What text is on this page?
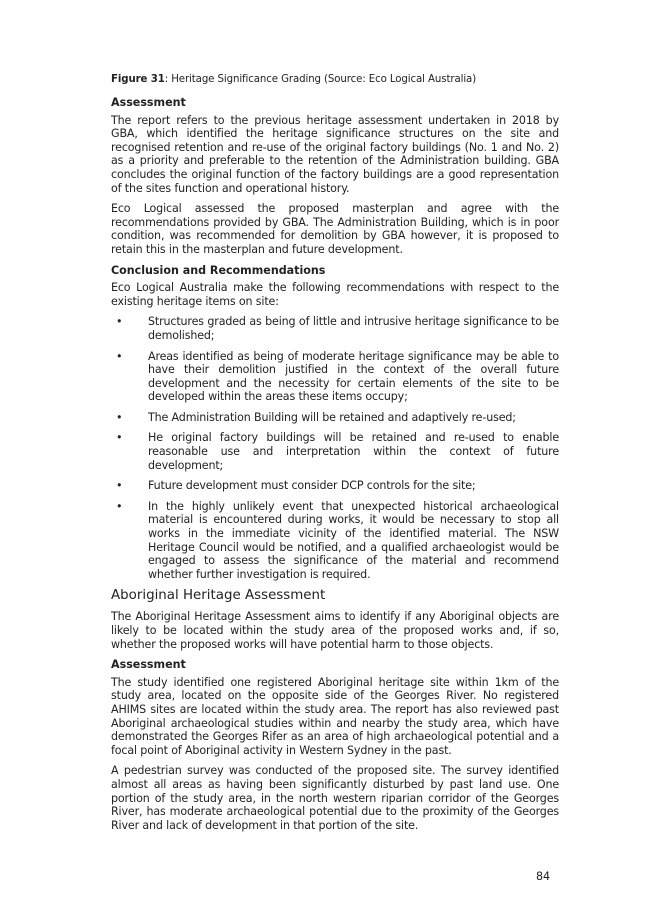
Figure 31: Heritage Significance Grading (Source: Eco Logical Australia)

Assessment

The report refers to the previous heritage assessment undertaken in 2018 by GBA, which identified the heritage significance structures on the site and recognised retention and re-use of the original factory buildings (No. 1 and No. 2) as a priority and preferable to the retention of the Administration building. GBA concludes the original function of the factory buildings are a good representation of the sites function and operational history.

Eco Logical assessed the proposed masterplan and agree with the recommendations provided by GBA. The Administration Building, which is in poor condition, was recommended for demolition by GBA however, it is proposed to retain this in the masterplan and future development.

Conclusion and Recommendations

Eco Logical Australia make the following recommendations with respect to the existing heritage items on site:

• Structures graded as being of little and intrusive heritage significance to be demolished;
• Areas identified as being of moderate heritage significance may be able to have their demolition justified in the context of the overall future development and the necessity for certain elements of the site to be developed within the areas these items occupy;
• The Administration Building will be retained and adaptively re-used;
• He original factory buildings will be retained and re-used to enable reasonable use and interpretation within the context of future development;
• Future development must consider DCP controls for the site;
• In the highly unlikely event that unexpected historical archaeological material is encountered during works, it would be necessary to stop all works in the immediate vicinity of the identified material. The NSW Heritage Council would be notified, and a qualified archaeologist would be engaged to assess the significance of the material and recommend whether further investigation is required.
Aboriginal Heritage Assessment

The Aboriginal Heritage Assessment aims to identify if any Aboriginal objects are likely to be located within the study area of the proposed works and, if so, whether the proposed works will have potential harm to those objects.

Assessment

The study identified one registered Aboriginal heritage site within 1km of the study area, located on the opposite side of the Georges River. No registered AHIMS sites are located within the study area. The report has also reviewed past Aboriginal archaeological studies within and nearby the study area, which have demonstrated the Georges Rifer as an area of high archaeological potential and a focal point of Aboriginal activity in Western Sydney in the past.

A pedestrian survey was conducted of the proposed site. The survey identified almost all areas as having been significantly disturbed by past land use. One portion of the study area, in the north western riparian corridor of the Georges River, has moderate archaeological potential due to the proximity of the Georges River and lack of development in that portion of the site.

84
